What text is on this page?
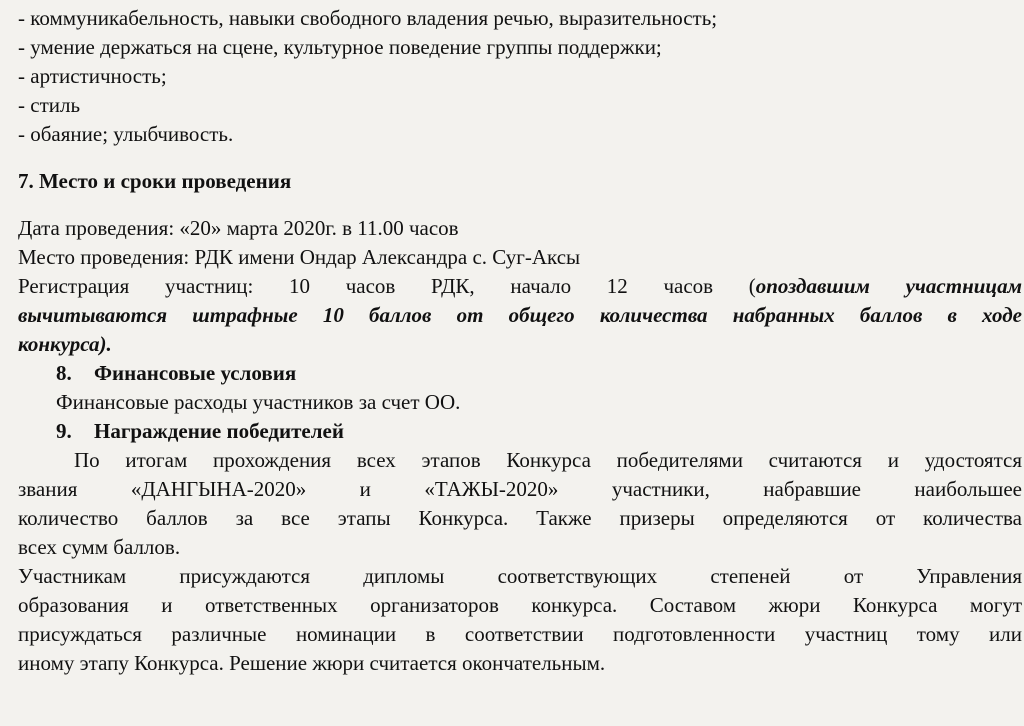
- коммуникабельность, навыки свободного владения речью, выразительность;
- умение держаться на сцене, культурное поведение группы поддержки;
- артистичность;
- стиль
- обаяние; улыбчивость.
7. Место и сроки проведения
Дата проведения: «20» марта 2020г. в 11.00 часов
Место проведения: РДК имени Ондар Александра с. Суг-Аксы
Регистрация участниц: 10 часов РДК, начало 12 часов (опоздавшим участницам
вычитываются штрафные 10 баллов от общего количества набранных баллов в ходе
конкурса).
8. Финансовые условия
Финансовые расходы участников за счет ОО.
9. Награждение победителей
По итогам прохождения всех этапов Конкурса победителями считаются и удостоятся
звания «ДАНГЫНА-2020» и «ТАЖЫ-2020» участники, набравшие наибольшее
количество баллов за все этапы Конкурса. Также призеры определяются от количества
всех сумм баллов.
Участникам присуждаются дипломы соответствующих степеней от Управления
образования и ответственных организаторов конкурса. Составом жюри Конкурса могут
присуждаться различные номинации в соответствии подготовленности участниц тому или
иному этапу Конкурса. Решение жюри считается окончательным.
